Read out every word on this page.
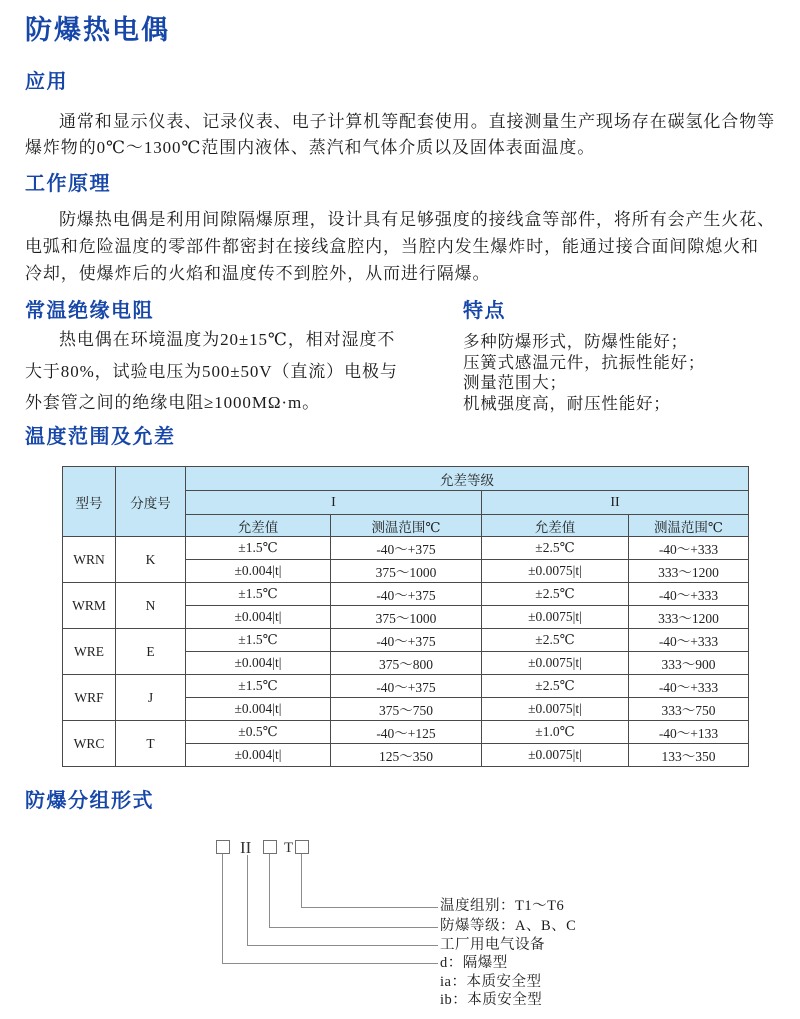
防爆热电偶
应用
通常和显示仪表、记录仪表、电子计算机等配套使用。直接测量生产现场存在碳氢化合物等
爆炸物的0℃～1300℃范围内液体、蒸汽和气体介质以及固体表面温度。
工作原理
防爆热电偶是利用间隙隔爆原理，设计具有足够强度的接线盒等部件，将所有会产生火花、
电弧和危险温度的零部件都密封在接线盒腔内，当腔内发生爆炸时，能通过接合面间隙熄火和
冷却，使爆炸后的火焰和温度传不到腔外，从而进行隔爆。
常温绝缘电阻
热电偶在环境温度为20±15℃，相对湿度不
大于80%，试验电压为500±50V（直流）电极与
外套管之间的绝缘电阻≥1000MΩ·m。
特点
多种防爆形式，防爆性能好；
压簧式感温元件，抗振性能好；
测量范围大；
机械强度高，耐压性能好；
温度范围及允差
型号	分度号	允差等级			
		I		II	
		允差值	测温范围℃	允差值	测温范围℃
WRN	K	±1.5℃	-40～+375	±2.5℃	-40～+333
		±0.004|t|	375～1000	±0.0075|t|	333～1200
WRM	N	±1.5℃	-40～+375	±2.5℃	-40～+333
		±0.004|t|	375～1000	±0.0075|t|	333～1200
WRE	E	±1.5℃	-40～+375	±2.5℃	-40～+333
		±0.004|t|	375～800	±0.0075|t|	333～900
WRF	J	±1.5℃	-40～+375	±2.5℃	-40～+333
		±0.004|t|	375～750	±0.0075|t|	333～750
WRC	T	±0.5℃	-40～+125	±1.0℃	-40～+133
		±0.004|t|	125～350	±0.0075|t|	133～350
防爆分组形式
II T
温度组别：T1～T6
防爆等级：A、B、C
工厂用电气设备
d：隔爆型
ia：本质安全型
ib：本质安全型
